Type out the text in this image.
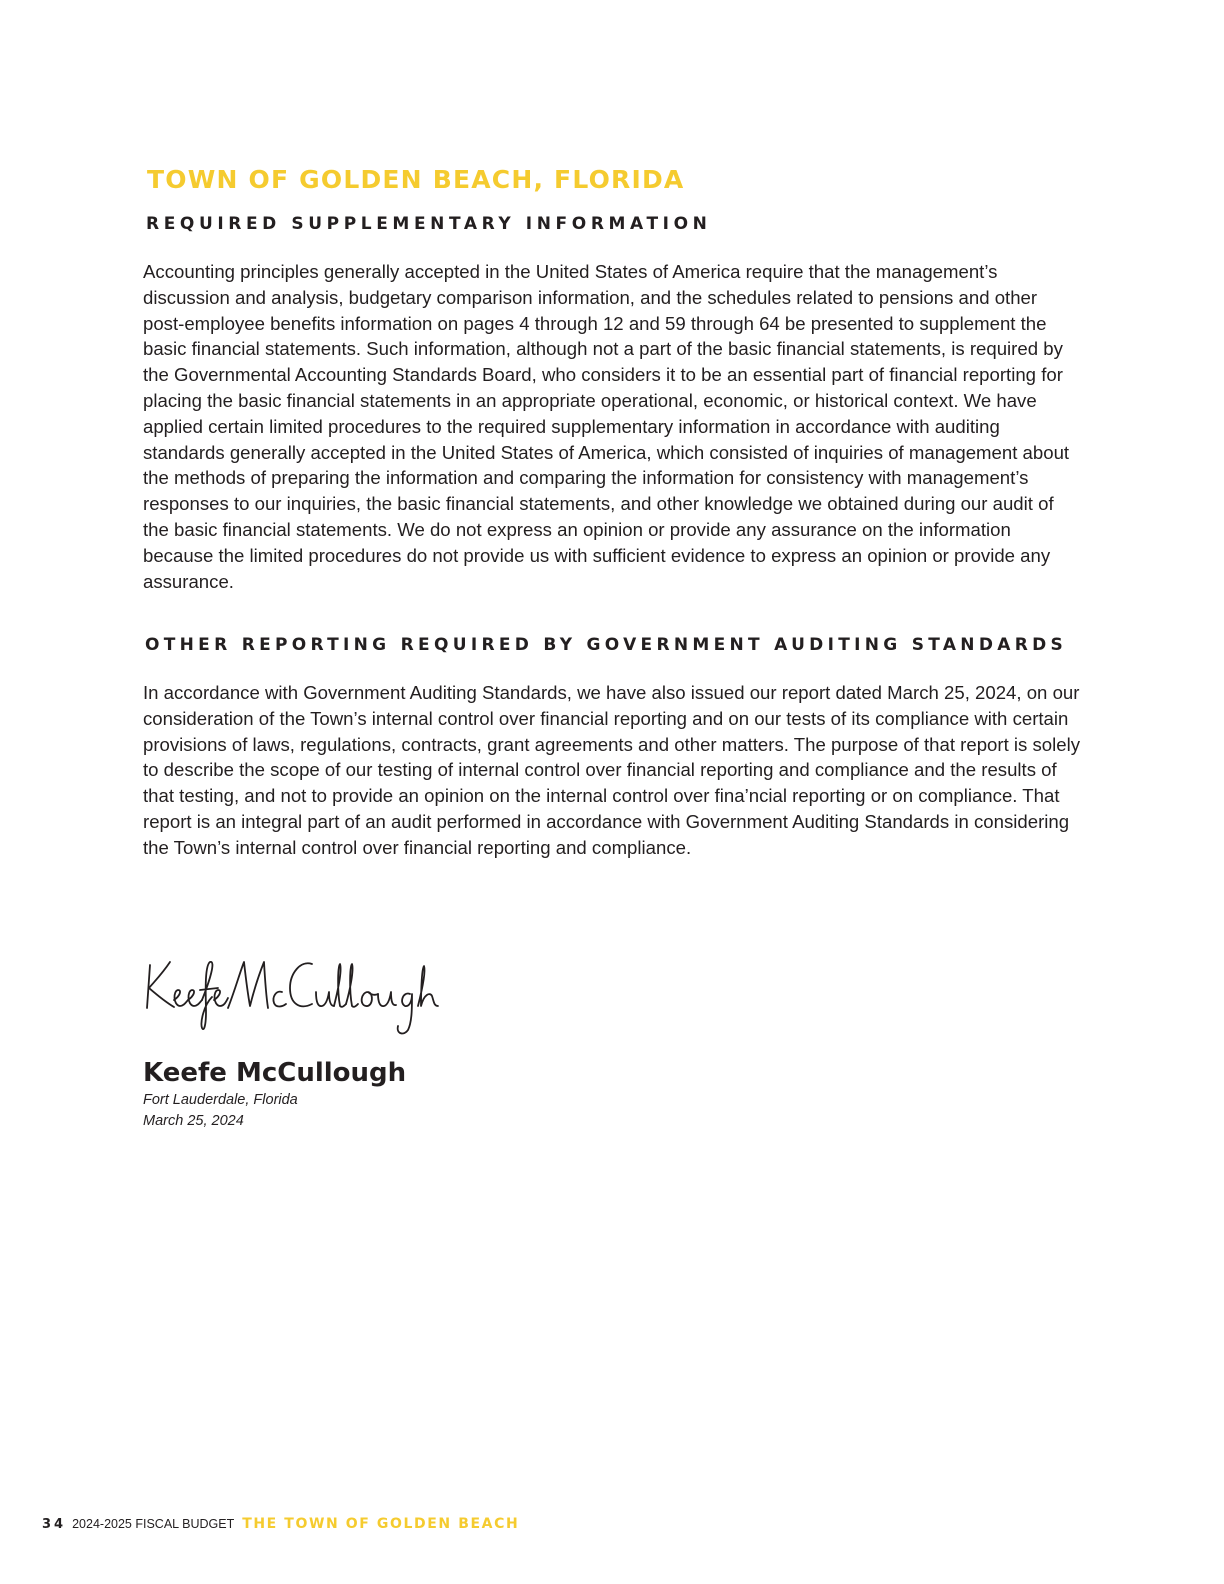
TOWN OF GOLDEN BEACH, FLORIDA
REQUIRED SUPPLEMENTARY INFORMATION

Accounting principles generally accepted in the United States of America require that the management’s discussion and analysis, budgetary comparison information, and the schedules related to pensions and other post-employee benefits information on pages 4 through 12 and 59 through 64 be presented to supplement the basic financial statements. Such information, although not a part of the basic financial statements, is required by the Governmental Accounting Standards Board, who considers it to be an essential part of financial reporting for placing the basic financial statements in an appropriate operational, economic, or historical context. We have applied certain limited procedures to the required supplementary information in accordance with auditing standards generally accepted in the United States of America, which consisted of inquiries of management about the methods of preparing the information and comparing the information for consistency with management’s responses to our inquiries, the basic financial statements, and other knowledge we obtained during our audit of the basic financial statements. We do not express an opinion or provide any assurance on the information because the limited procedures do not provide us with sufficient evidence to express an opinion or provide any assurance.

OTHER REPORTING REQUIRED BY GOVERNMENT AUDITING STANDARDS

In accordance with Government Auditing Standards, we have also issued our report dated March 25, 2024, on our consideration of the Town’s internal control over financial reporting and on our tests of its compliance with certain provisions of laws, regulations, contracts, grant agreements and other matters. The purpose of that report is solely to describe the scope of our testing of internal control over financial reporting and compliance and the results of that testing, and not to provide an opinion on the internal control over fina’ncial reporting or on compliance. That report is an integral part of an audit performed in accordance with Government Auditing Standards in considering the Town’s internal control over financial reporting and compliance.

Keefe McCullough

Fort Lauderdale, Florida

March 25, 2024

34 2024-2025 FISCAL BUDGET THE TOWN OF GOLDEN BEACH
